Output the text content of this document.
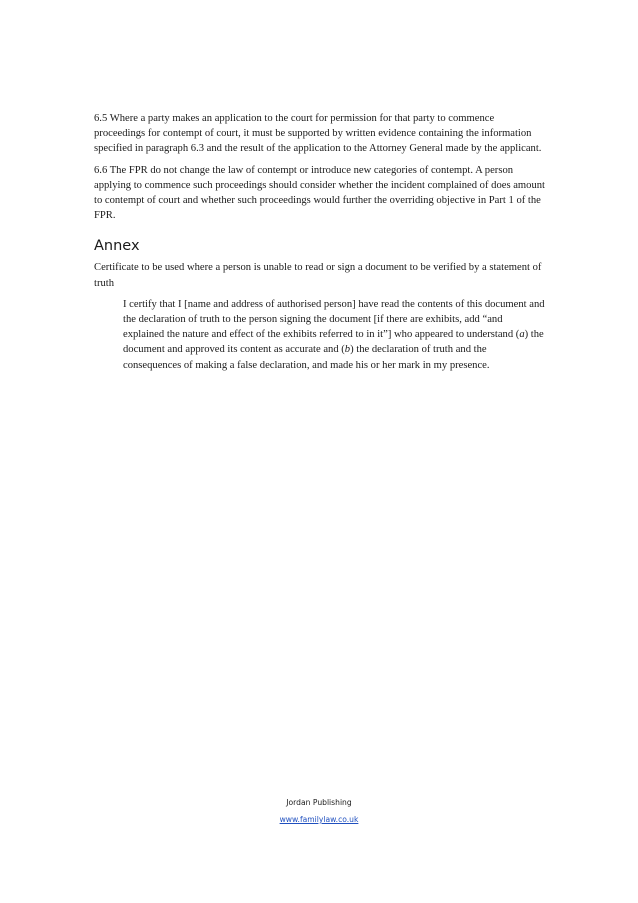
6.5 Where a party makes an application to the court for permission for that party to commence proceedings for contempt of court, it must be supported by written evidence containing the information specified in paragraph 6.3 and the result of the application to the Attorney General made by the applicant.

6.6 The FPR do not change the law of contempt or introduce new categories of contempt. A person applying to commence such proceedings should consider whether the incident complained of does amount to contempt of court and whether such proceedings would further the overriding objective in Part 1 of the FPR.

Annex

Certificate to be used where a person is unable to read or sign a document to be verified by a statement of truth

I certify that I [name and address of authorised person] have read the contents of this document and the declaration of truth to the person signing the document [if there are exhibits, add “and explained the nature and effect of the exhibits referred to in it”] who appeared to understand (a) the document and approved its content as accurate and (b) the declaration of truth and the consequences of making a false declaration, and made his or her mark in my presence.

Jordan Publishing
www.familylaw.co.uk
